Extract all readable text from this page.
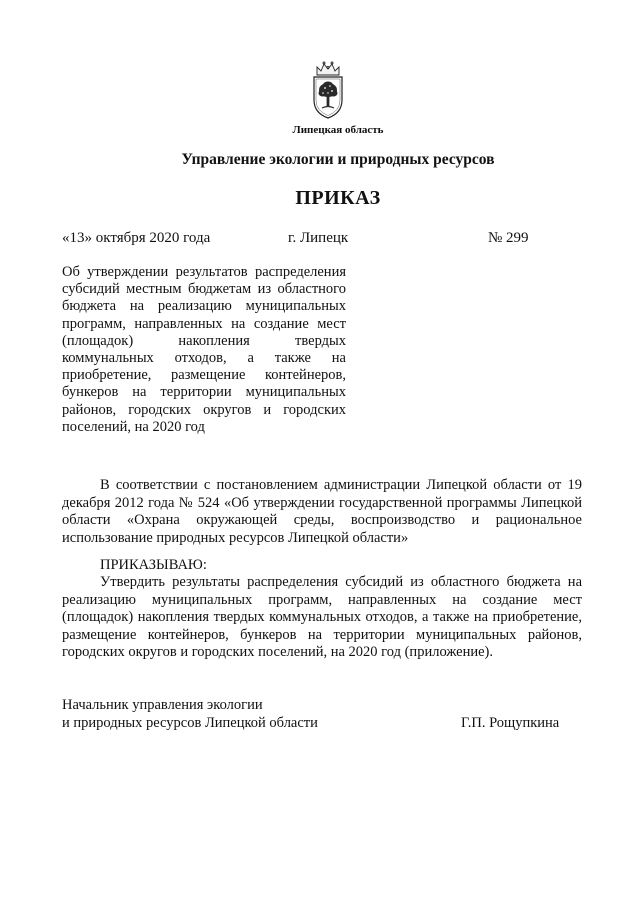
Липецкая область
Управление экологии и природных ресурсов
ПРИКАЗ
«13» октября 2020 года	г. Липецк	№ 299
Об утверждении результатов распределения субсидий местным бюджетам из областного бюджета на реализацию муниципальных программ, направленных на создание мест (площадок) накопления твердых коммунальных отходов, а также на приобретение, размещение контейнеров, бункеров на территории муниципальных районов, городских округов и городских поселений, на 2020 год
В соответствии с постановлением администрации Липецкой области от 19 декабря 2012 года № 524 «Об утверждении государственной программы Липецкой области «Охрана окружающей среды, воспроизводство и рациональное использование природных ресурсов Липецкой области»
ПРИКАЗЫВАЮ:
Утвердить результаты распределения субсидий из областного бюджета на реализацию муниципальных программ, направленных на создание мест (площадок) накопления твердых коммунальных отходов, а также на приобретение, размещение контейнеров, бункеров на территории муниципальных районов, городских округов и городских поселений, на 2020 год (приложение).
Начальник управления экологии
и природных ресурсов Липецкой области	Г.П. Рощупкина
